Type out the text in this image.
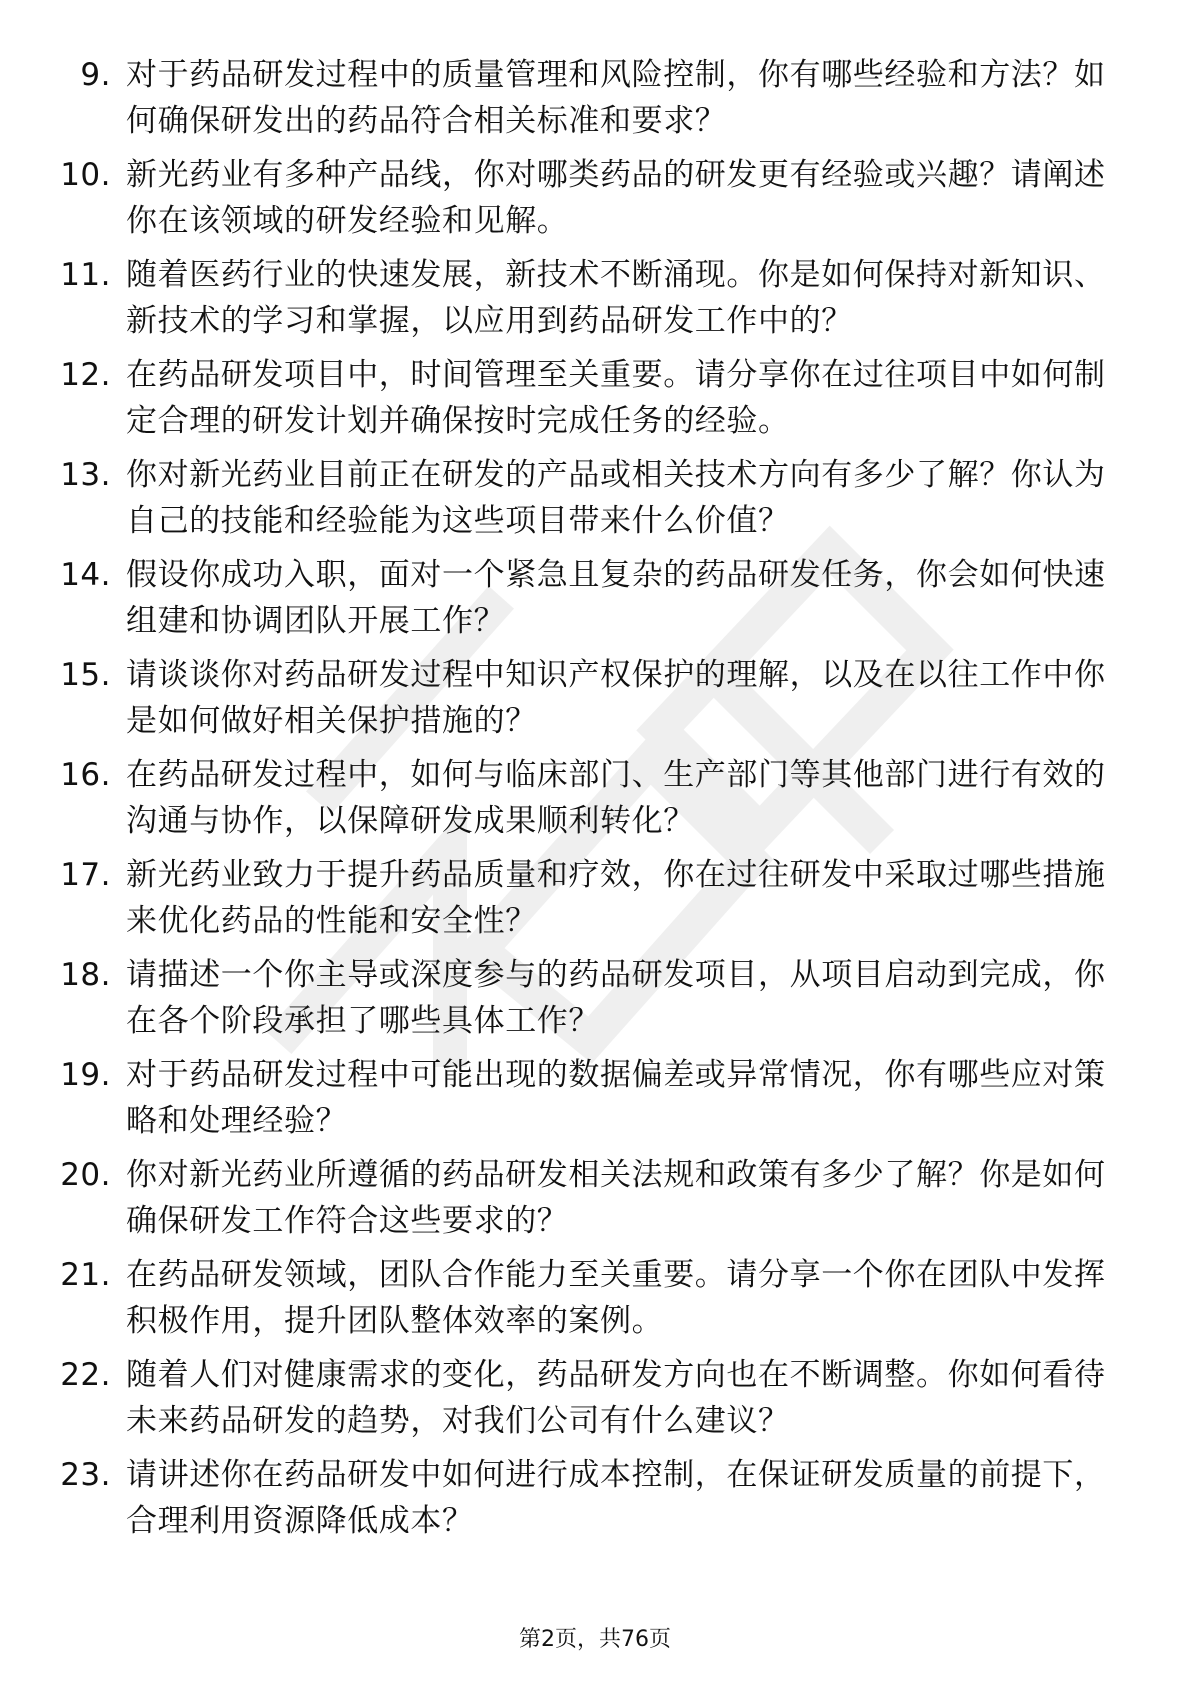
9. 对于药品研发过程中的质量管理和风险控制，你有哪些经验和方法？如何确保研发出的药品符合相关标准和要求？
10. 新光药业有多种产品线，你对哪类药品的研发更有经验或兴趣？请阐述你在该领域的研发经验和见解。
11. 随着医药行业的快速发展，新技术不断涌现。你是如何保持对新知识、新技术的学习和掌握，以应用到药品研发工作中的？
12. 在药品研发项目中，时间管理至关重要。请分享你在过往项目中如何制定合理的研发计划并确保按时完成任务的经验。
13. 你对新光药业目前正在研发的产品或相关技术方向有多少了解？你认为自己的技能和经验能为这些项目带来什么价值？
14. 假设你成功入职，面对一个紧急且复杂的药品研发任务，你会如何快速组建和协调团队开展工作？
15. 请谈谈你对药品研发过程中知识产权保护的理解，以及在以往工作中你是如何做好相关保护措施的？
16. 在药品研发过程中，如何与临床部门、生产部门等其他部门进行有效的沟通与协作，以保障研发成果顺利转化？
17. 新光药业致力于提升药品质量和疗效，你在过往研发中采取过哪些措施来优化药品的性能和安全性？
18. 请描述一个你主导或深度参与的药品研发项目，从项目启动到完成，你在各个阶段承担了哪些具体工作？
19. 对于药品研发过程中可能出现的数据偏差或异常情况，你有哪些应对策略和处理经验？
20. 你对新光药业所遵循的药品研发相关法规和政策有多少了解？你是如何确保研发工作符合这些要求的？
21. 在药品研发领域，团队合作能力至关重要。请分享一个你在团队中发挥积极作用，提升团队整体效率的案例。
22. 随着人们对健康需求的变化，药品研发方向也在不断调整。你如何看待未来药品研发的趋势，对我们公司有什么建议？
23. 请讲述你在药品研发中如何进行成本控制，在保证研发质量的前提下，合理利用资源降低成本？
第2页，共76页
